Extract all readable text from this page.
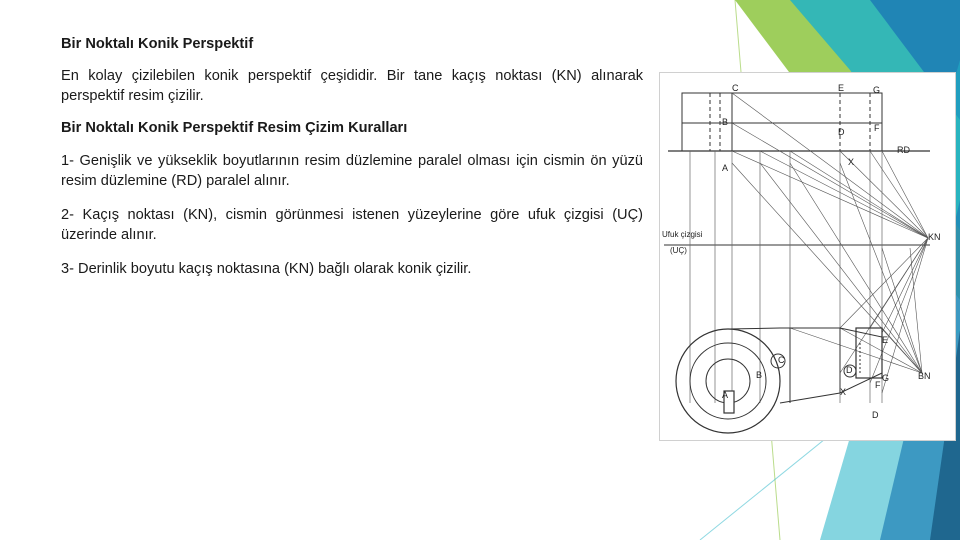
Bir Noktalı Konik Perspektif

En kolay çizilebilen konik perspektif çeşididir. Bir tane kaçış noktası (KN) alınarak perspektif resim çizilir.

Bir Noktalı Konik Perspektif Resim Çizim Kuralları

1- Genişlik ve yükseklik boyutlarının resim düzlemine paralel olması için cismin ön yüzü resim düzlemine (RD) paralel alınır.

2- Kaçış noktası (KN), cismin görünmesi istenen yüzeylerine göre ufuk çizgisi (UÇ) üzerinde alınır.

3- Derinlik boyutu kaçış noktasına (KN) bağlı olarak konik çizilir.

C	E	G
B
D	F
RD
A
X
Ufuk çizgisi
(UÇ)
KN
BN
C
B
A	X
D
F
G
E
D
